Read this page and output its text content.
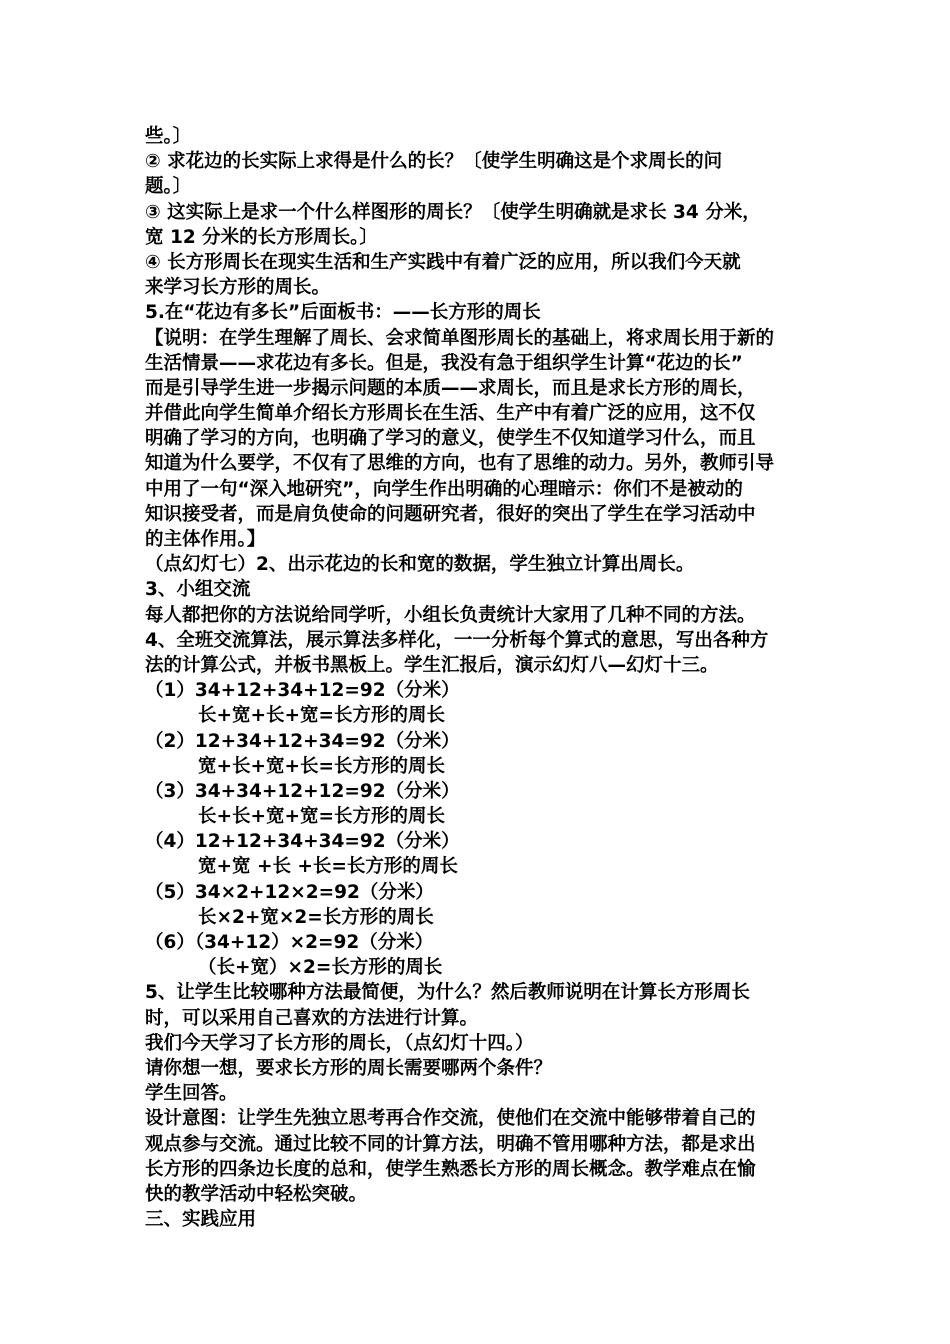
些。〕
② 求花边的长实际上求得是什么的长？〔使学生明确这是个求周长的问
题。〕
③ 这实际上是求一个什么样图形的周长？〔使学生明确就是求长 34 分米，
宽 12 分米的长方形周长。〕
④ 长方形周长在现实生活和生产实践中有着广泛的应用，所以我们今天就
来学习长方形的周长。
5.在“花边有多长”后面板书：——长方形的周长
【说明：在学生理解了周长、会求简单图形周长的基础上，将求周长用于新的
生活情景——求花边有多长。但是，我没有急于组织学生计算“花边的长”
而是引导学生进一步揭示问题的本质——求周长，而且是求长方形的周长，
并借此向学生简单介绍长方形周长在生活、生产中有着广泛的应用，这不仅
明确了学习的方向，也明确了学习的意义，使学生不仅知道学习什么，而且
知道为什么要学，不仅有了思维的方向，也有了思维的动力。另外，教师引导
中用了一句“深入地研究”，向学生作出明确的心理暗示：你们不是被动的
知识接受者，而是肩负使命的问题研究者，很好的突出了学生在学习活动中
的主体作用。】
（点幻灯七）2、出示花边的长和宽的数据，学生独立计算出周长。
3、小组交流
每人都把你的方法说给同学听，小组长负责统计大家用了几种不同的方法。
4、全班交流算法，展示算法多样化，一一分析每个算式的意思，写出各种方
法的计算公式，并板书黑板上。学生汇报后，演示幻灯八—幻灯十三。
（1）34+12+34+12=92（分米）
长+宽+长+宽=长方形的周长
（2）12+34+12+34=92（分米）
宽+长+宽+长=长方形的周长
（3）34+34+12+12=92（分米）
长+长+宽+宽=长方形的周长
（4）12+12+34+34=92（分米）
宽+宽 +长 +长=长方形的周长
（5）34×2+12×2=92（分米）
长×2+宽×2=长方形的周长
（6）（34+12）×2=92（分米）
（长+宽）×2=长方形的周长
5、让学生比较哪种方法最简便，为什么？然后教师说明在计算长方形周长
时，可以采用自己喜欢的方法进行计算。
我们今天学习了长方形的周长，（点幻灯十四。）
请你想一想，要求长方形的周长需要哪两个条件？
学生回答。
设计意图：让学生先独立思考再合作交流，使他们在交流中能够带着自己的
观点参与交流。通过比较不同的计算方法，明确不管用哪种方法，都是求出
长方形的四条边长度的总和，使学生熟悉长方形的周长概念。教学难点在愉
快的教学活动中轻松突破。
三、实践应用
